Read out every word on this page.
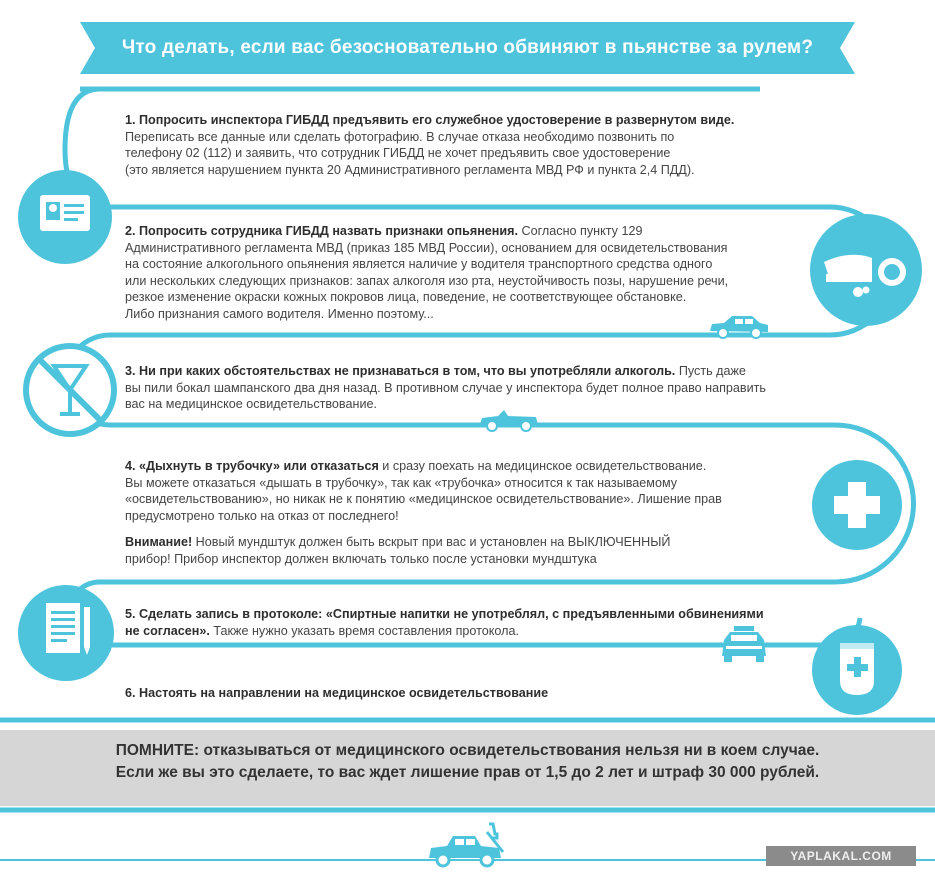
Что делать, если вас безосновательно обвиняют в пьянстве за рулем?

1. Попросить инспектора ГИБДД предъявить его служебное удостоверение в развернутом виде.

Переписать все данные или сделать фотографию. В случае отказа необходимо позвонить по

телефону 02 (112) и заявить, что сотрудник ГИБДД не хочет предъявить свое удостоверение

(это является нарушением пункта 20 Административного регламента МВД РФ и пункта 2,4 ПДД).

2. Попросить сотрудника ГИБДД назвать признаки опьянения. Согласно пункту 129

Административного регламента МВД (приказ 185 МВД России), основанием для освидетельствования

на состояние алкогольного опьянения является наличие у водителя транспортного средства одного

или нескольких следующих признаков: запах алкоголя изо рта, неустойчивость позы, нарушение речи,

резкое изменение окраски кожных покровов лица, поведение, не соответствующее обстановке.

Либо признания самого водителя. Именно поэтому...

3. Ни при каких обстоятельствах не признаваться в том, что вы употребляли алкоголь. Пусть даже

вы пили бокал шампанского два дня назад. В противном случае у инспектора будет полное право направить

вас на медицинское освидетельствование.

4. «Дыхнуть в трубочку» или отказаться и сразу поехать на медицинское освидетельствование.

Вы можете отказаться «дышать в трубочку», так как «трубочка» относится к так называемому

«освидетельствованию», но никак не к понятию «медицинское освидетельствование». Лишение прав

предусмотрено только на отказ от последнего!

Внимание! Новый мундштук должен быть вскрыт при вас и установлен на ВЫКЛЮЧЕННЫЙ

прибор! Прибор инспектор должен включать только после установки мундштука

5. Сделать запись в протоколе: «Спиртные напитки не употреблял, с предъявленными обвинениями

не согласен». Также нужно указать время составления протокола.

6. Настоять на направлении на медицинское освидетельствование

ПОМНИТЕ: отказываться от медицинского освидетельствования нельзя ни в коем случае.
Если же вы это сделаете, то вас ждет лишение прав от 1,5 до 2 лет и штраф 30 000 рублей.
YAPLAKAL.COM
